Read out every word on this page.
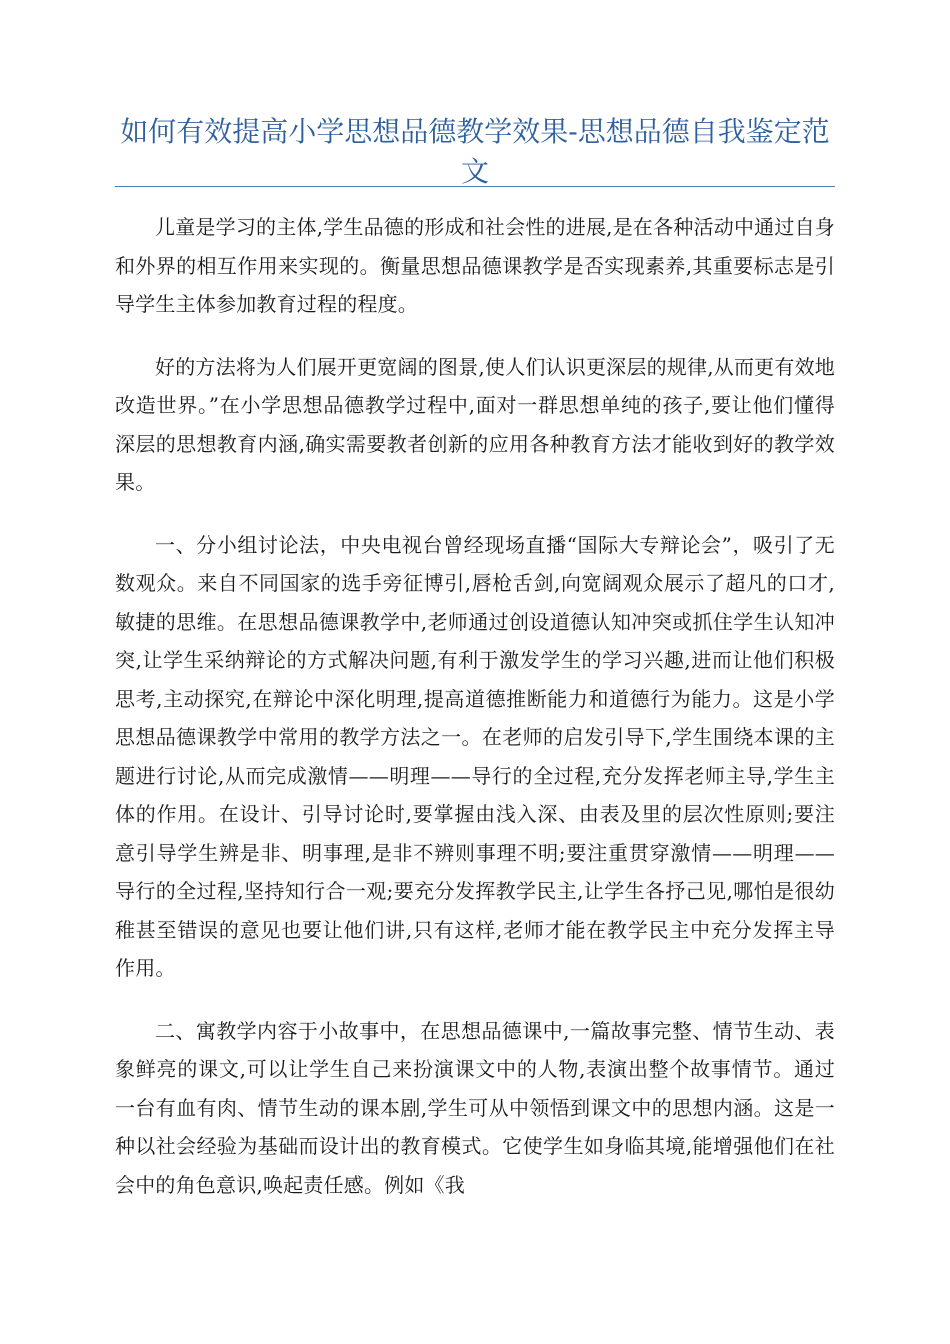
如何有效提高小学思想品德教学效果-思想品德自我鉴定范文

儿童是学习的主体,学生品德的形成和社会性的进展,是在各种活动中通过自身和外界的相互作用来实现的。衡量思想品德课教学是否实现素养,其重要标志是引导学生主体参加教育过程的程度。

好的方法将为人们展开更宽阔的图景,使人们认识更深层的规律,从而更有效地改造世界。”在小学思想品德教学过程中,面对一群思想单纯的孩子,要让他们懂得深层的思想教育内涵,确实需要教者创新的应用各种教育方法才能收到好的教学效果。

一、分小组讨论法，中央电视台曾经现场直播“国际大专辩论会”，吸引了无数观众。来自不同国家的选手旁征博引,唇枪舌剑,向宽阔观众展示了超凡的口才,敏捷的思维。在思想品德课教学中,老师通过创设道德认知冲突或抓住学生认知冲突,让学生采纳辩论的方式解决问题,有利于激发学生的学习兴趣,进而让他们积极思考,主动探究,在辩论中深化明理,提高道德推断能力和道德行为能力。这是小学思想品德课教学中常用的教学方法之一。在老师的启发引导下,学生围绕本课的主题进行讨论,从而完成激情——明理——导行的全过程,充分发挥老师主导,学生主体的作用。在设计、引导讨论时,要掌握由浅入深、由表及里的层次性原则;要注意引导学生辨是非、明事理,是非不辨则事理不明;要注重贯穿激情——明理——导行的全过程,坚持知行合一观;要充分发挥教学民主,让学生各抒己见,哪怕是很幼稚甚至错误的意见也要让他们讲,只有这样,老师才能在教学民主中充分发挥主导作用。

二、寓教学内容于小故事中，在思想品德课中,一篇故事完整、情节生动、表象鲜亮的课文,可以让学生自己来扮演课文中的人物,表演出整个故事情节。通过一台有血有肉、情节生动的课本剧,学生可从中领悟到课文中的思想内涵。这是一种以社会经验为基础而设计出的教育模式。它使学生如身临其境,能增强他们在社会中的角色意识,唤起责任感。例如《我
